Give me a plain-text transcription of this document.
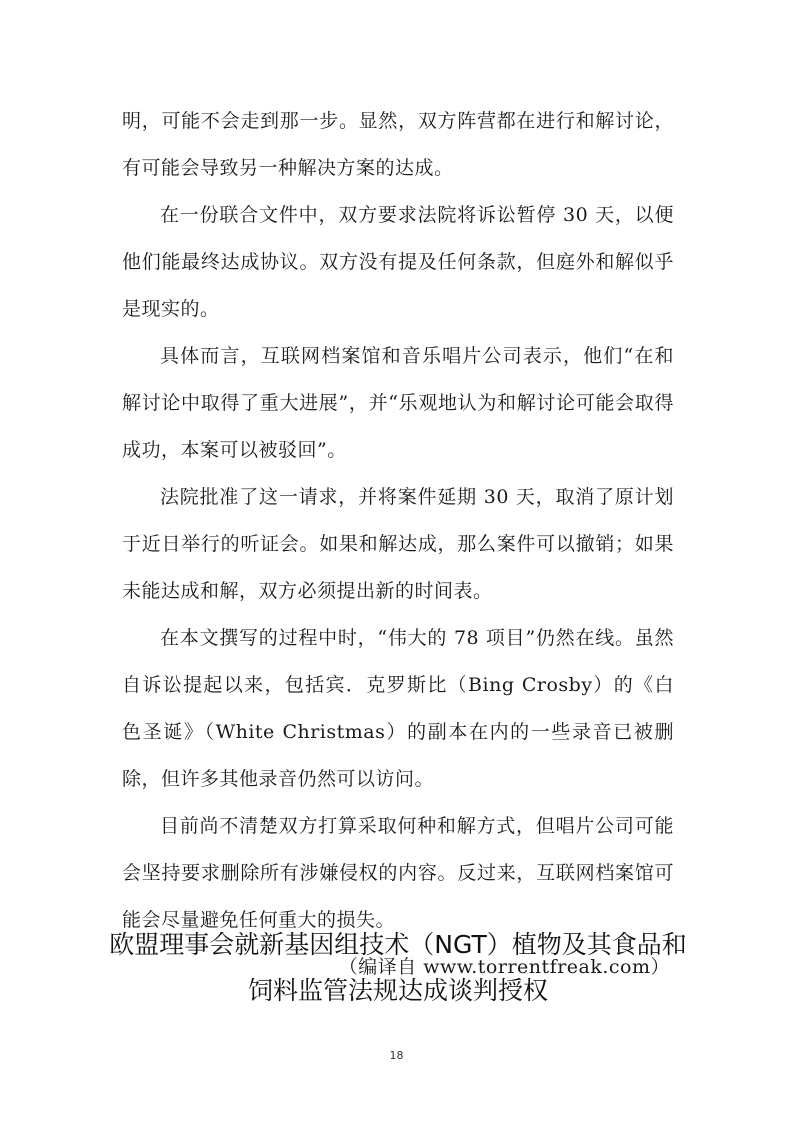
明，可能不会走到那一步。显然，双方阵营都在进行和解讨论，有可能会导致另一种解决方案的达成。

在一份联合文件中，双方要求法院将诉讼暂停 30 天，以便他们能最终达成协议。双方没有提及任何条款，但庭外和解似乎是现实的。

具体而言，互联网档案馆和音乐唱片公司表示，他们“在和解讨论中取得了重大进展”，并“乐观地认为和解讨论可能会取得成功，本案可以被驳回”。

法院批准了这一请求，并将案件延期 30 天，取消了原计划于近日举行的听证会。如果和解达成，那么案件可以撤销；如果未能达成和解，双方必须提出新的时间表。

在本文撰写的过程中时，“伟大的 78 项目”仍然在线。虽然自诉讼提起以来，包括宾．克罗斯比（Bing Crosby）的《白色圣诞》（White Christmas）的副本在内的一些录音已被删除，但许多其他录音仍然可以访问。

目前尚不清楚双方打算采取何种和解方式，但唱片公司可能会坚持要求删除所有涉嫌侵权的内容。反过来，互联网档案馆可能会尽量避免任何重大的损失。

（编译自 www.torrentfreak.com）

欧盟理事会就新基因组技术（NGT）植物及其食品和饲料监管法规达成谈判授权
18
